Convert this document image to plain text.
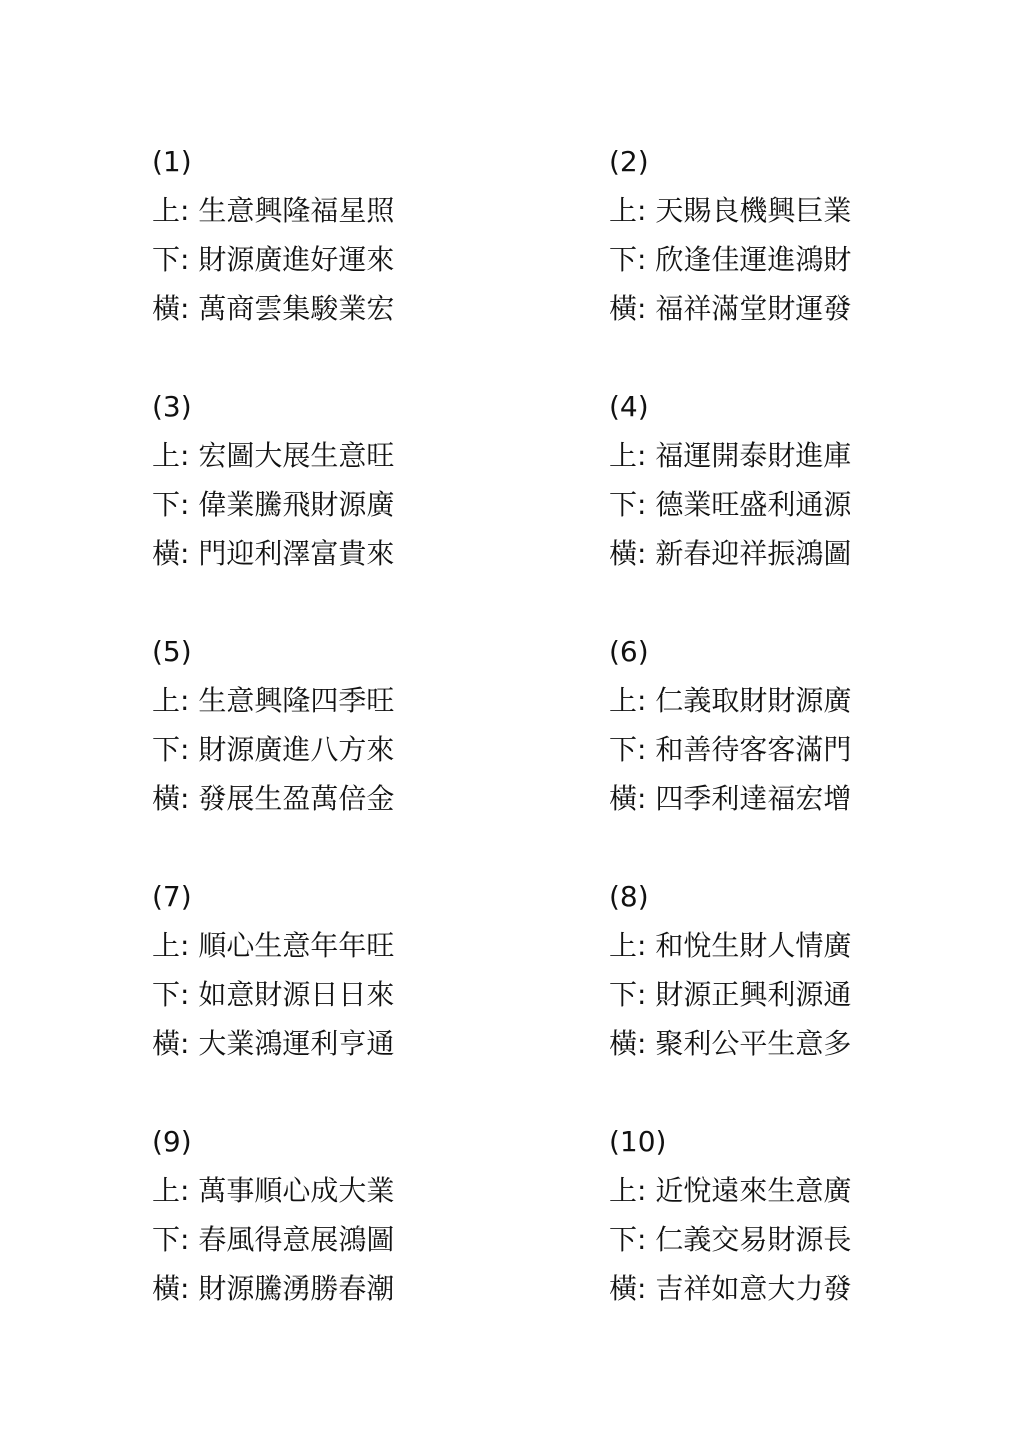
(1)
上: 生意興隆福星照
下: 財源廣進好運來
橫: 萬商雲集駿業宏
(2)
上: 天賜良機興巨業
下: 欣逢佳運進鴻財
橫: 福祥滿堂財運發
(3)
上: 宏圖大展生意旺
下: 偉業騰飛財源廣
橫: 門迎利澤富貴來
(4)
上: 福運開泰財進庫
下: 德業旺盛利通源
橫: 新春迎祥振鴻圖
(5)
上: 生意興隆四季旺
下: 財源廣進八方來
橫: 發展生盈萬倍金
(6)
上: 仁義取財財源廣
下: 和善待客客滿門
橫: 四季利達福宏增
(7)
上: 順心生意年年旺
下: 如意財源日日來
橫: 大業鴻運利亨通
(8)
上: 和悅生財人情廣
下: 財源正興利源通
橫: 聚利公平生意多
(9)
上: 萬事順心成大業
下: 春風得意展鴻圖
橫: 財源騰湧勝春潮
(10)
上: 近悅遠來生意廣
下: 仁義交易財源長
橫: 吉祥如意大力發
